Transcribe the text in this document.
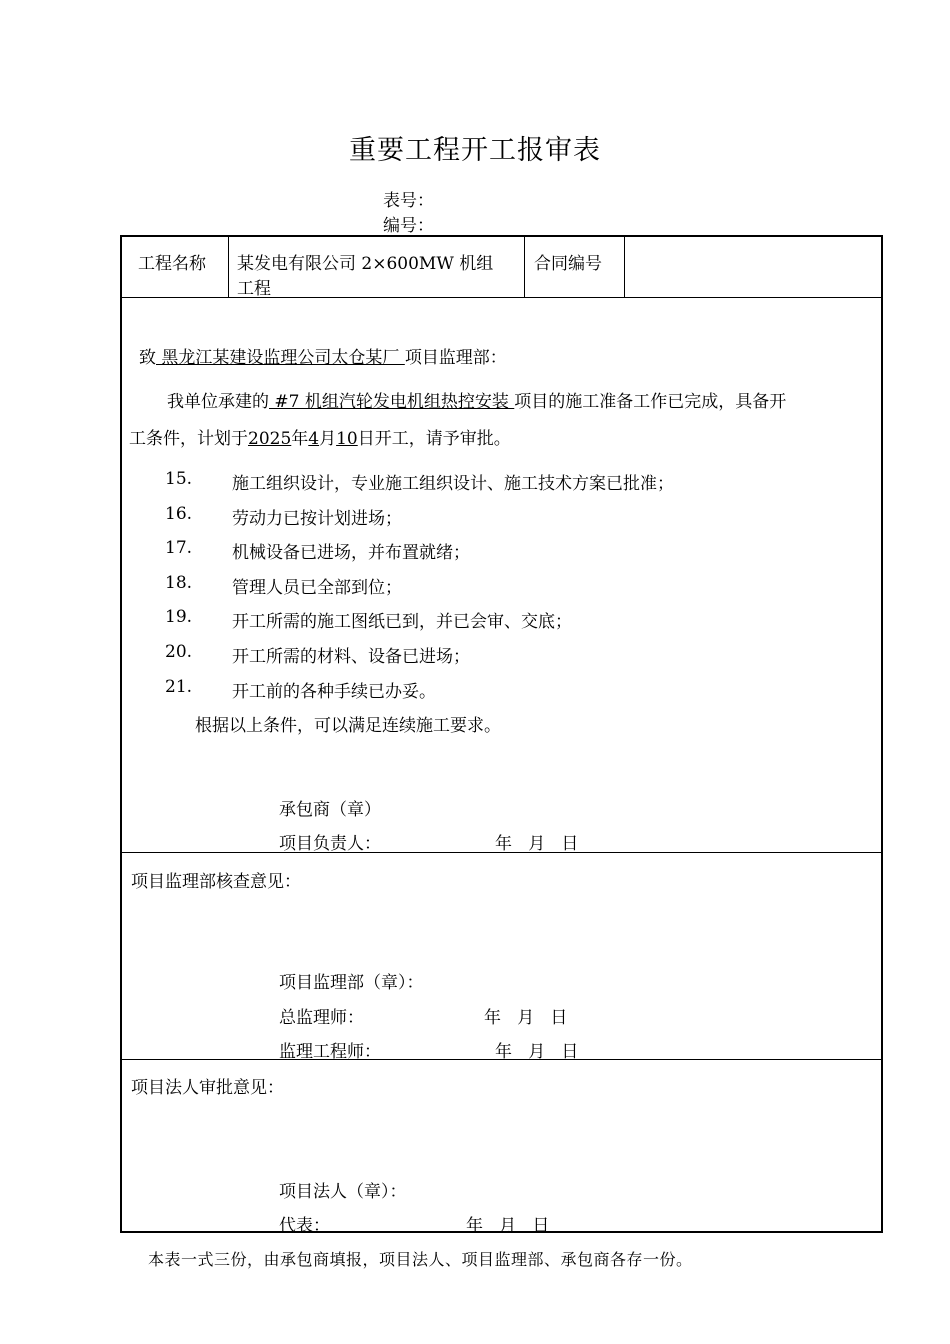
重要工程开工报审表
表号：
编号：
工程名称 某发电有限公司 2×600MW 机组
工程
合同编号
致 黑龙江某建设监理公司太仓某厂 项目监理部：
我单位承建的 #7 机组汽轮发电机组热控安装 项目的施工准备工作已完成，具备开
工条件，计划于2025年4月10日开工，请予审批。
15. 施工组织设计，专业施工组织设计、施工技术方案已批准；
16. 劳动力已按计划进场；
17. 机械设备已进场，并布置就绪；
18. 管理人员已全部到位；
19. 开工所需的施工图纸已到，并已会审、交底；
20. 开工所需的材料、设备已进场；
21. 开工前的各种手续已办妥。
根据以上条件，可以满足连续施工要求。
承包商（章）
项目负责人：	年   月   日
项目监理部核查意见：
项目监理部（章）：
总监理师：	年   月   日
监理工程师：	年   月   日
项目法人审批意见：
项目法人（章）：
代表：	年   月   日
本表一式三份，由承包商填报，项目法人、项目监理部、承包商各存一份。
